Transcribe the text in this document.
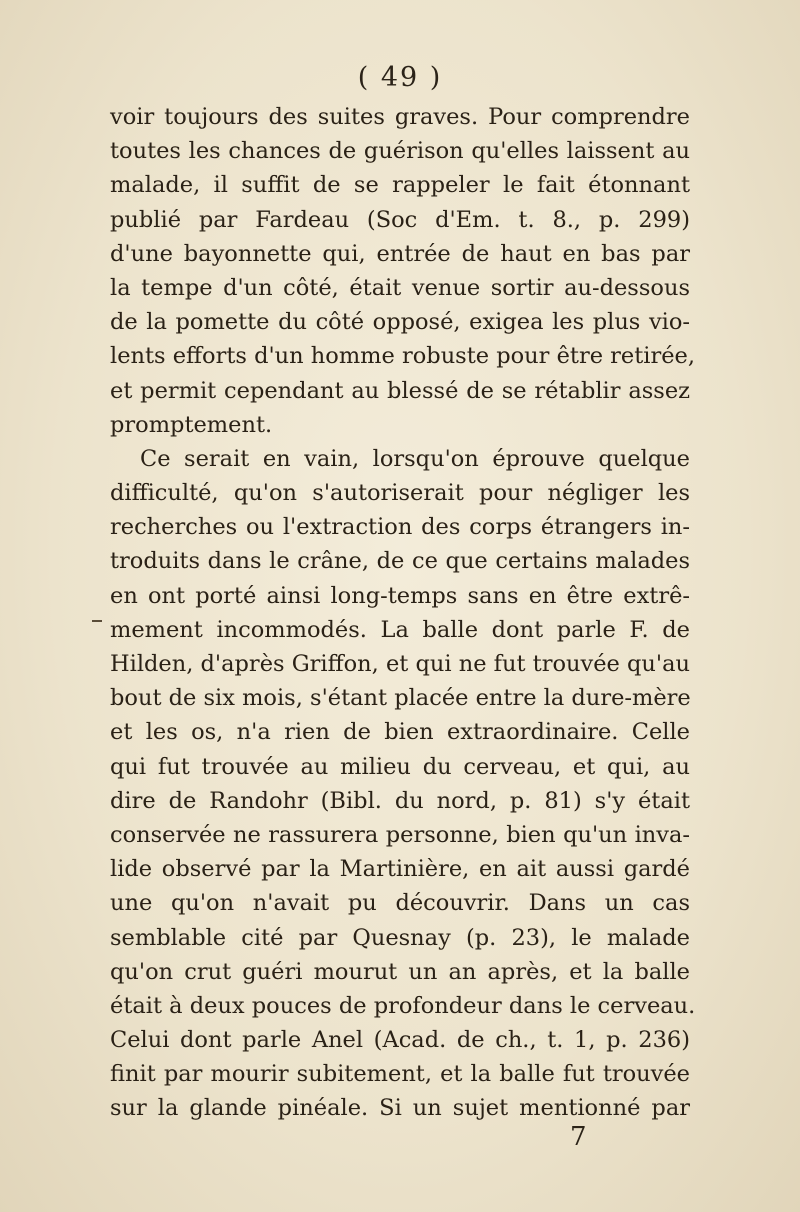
( 49 )
voir toujours des suites graves. Pour comprendre
toutes les chances de guérison qu'elles laissent au
malade, il suffit de se rappeler le fait étonnant
publié par Fardeau (Soc d'Em. t. 8., p. 299)
d'une bayonnette qui, entrée de haut en bas par
la tempe d'un côté, était venue sortir au-dessous
de la pomette du côté opposé, exigea les plus vio-
lents efforts d'un homme robuste pour être retirée,
et permit cependant au blessé de se rétablir assez
promptement.
Ce serait en vain, lorsqu'on éprouve quelque
difficulté, qu'on s'autoriserait pour négliger les
recherches ou l'extraction des corps étrangers in-
troduits dans le crâne, de ce que certains malades
en ont porté ainsi long-temps sans en être extrê-
mement incommodés. La balle dont parle F. de
Hilden, d'après Griffon, et qui ne fut trouvée qu'au
bout de six mois, s'étant placée entre la dure-mère
et les os, n'a rien de bien extraordinaire. Celle
qui fut trouvée au milieu du cerveau, et qui, au
dire de Randohr (Bibl. du nord, p. 81) s'y était
conservée ne rassurera personne, bien qu'un inva-
lide observé par la Martinière, en ait aussi gardé
une qu'on n'avait pu découvrir. Dans un cas
semblable cité par Quesnay (p. 23), le malade
qu'on crut guéri mourut un an après, et la balle
était à deux pouces de profondeur dans le cerveau.
Celui dont parle Anel (Acad. de ch., t. 1, p. 236)
finit par mourir subitement, et la balle fut trouvée
sur la glande pinéale. Si un sujet mentionné par
7
